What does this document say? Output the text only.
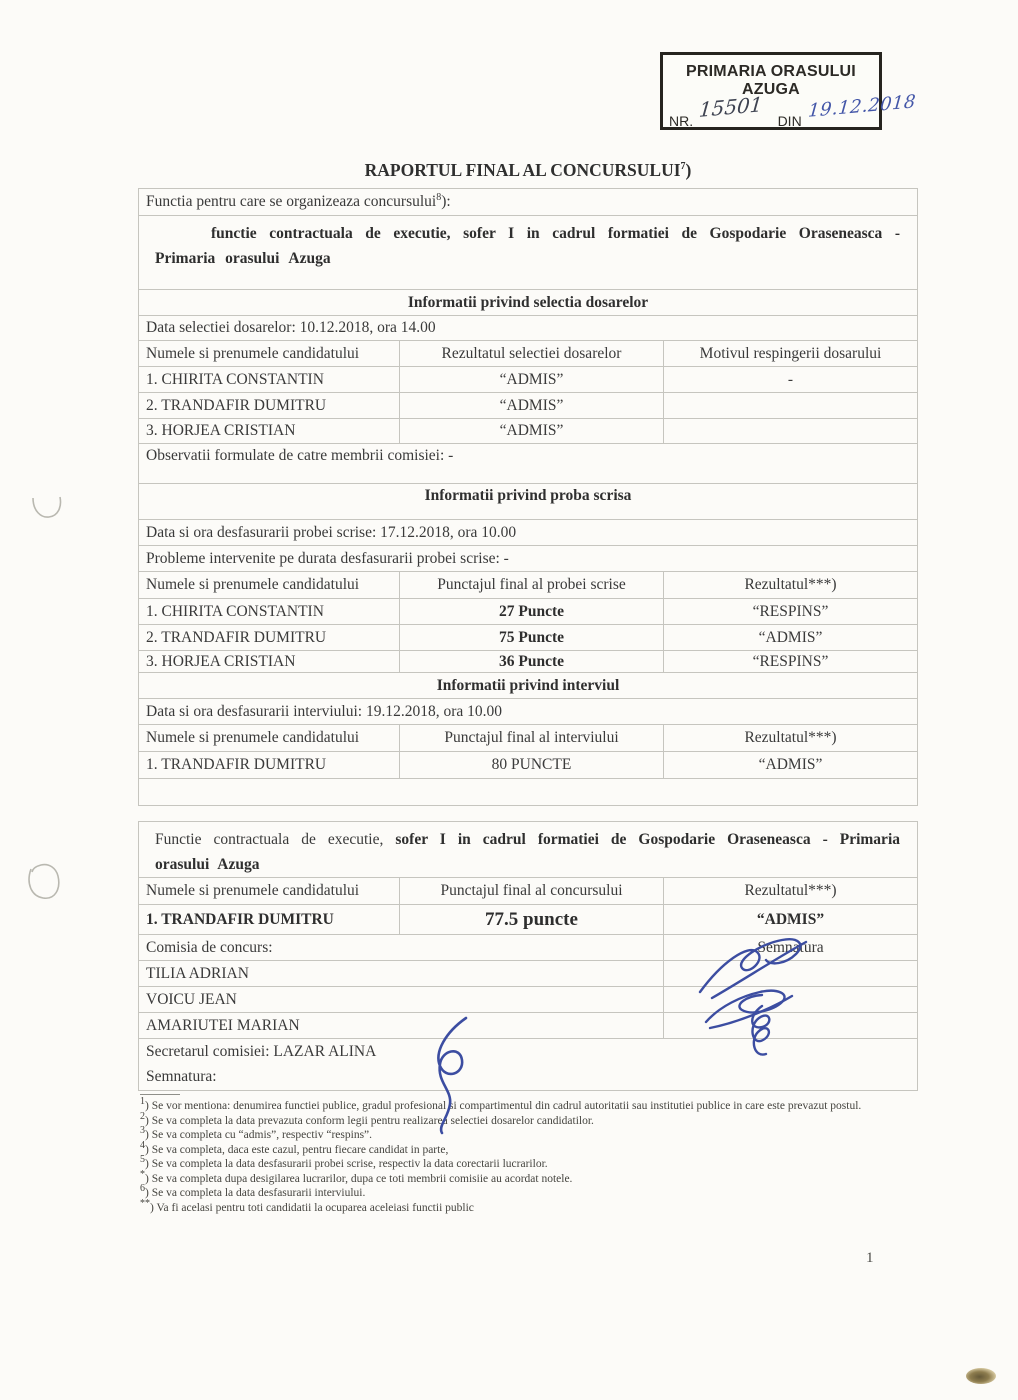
PRIMARIA ORASULUI AZUGA
NR. 15501 DIN 19.12.2018
RAPORTUL FINAL AL CONCURSULUI$^7$)
Functia pentru care se organizeaza concursului$^8$):
functie contractuala de executie, sofer I in cadrul formatiei de Gospodarie Oraseneasca - Primaria orasului Azuga
Informatii privind selectia dosarelor
Data selectiei dosarelor: 10.12.2018, ora 14.00
Numele si prenumele candidatului	Rezultatul selectiei dosarelor	Motivul respingerii dosarului
1. CHIRITA CONSTANTIN	“ADMIS”	-
2. TRANDAFIR DUMITRU	“ADMIS”
3. HORJEA CRISTIAN	“ADMIS”
Observatii formulate de catre membrii comisiei: -
Informatii privind proba scrisa
Data si ora desfasurarii probei scrise: 17.12.2018, ora 10.00
Probleme intervenite pe durata desfasurarii probei scrise: -
Numele si prenumele candidatului	Punctajul final al probei scrise	Rezultatul***)
1. CHIRITA CONSTANTIN	27 Puncte	“RESPINS”
2. TRANDAFIR DUMITRU	75 Puncte	“ADMIS”
3. HORJEA CRISTIAN	36 Puncte	“RESPINS”
Informatii privind interviul
Data si ora desfasurarii interviului: 19.12.2018, ora 10.00
Numele si prenumele candidatului	Punctajul final al interviului	Rezultatul***)
1. TRANDAFIR DUMITRU	80 PUNCTE	“ADMIS”
Functie contractuala de executie, sofer I in cadrul formatiei de Gospodarie Oraseneasca - Primaria orasului Azuga
Numele si prenumele candidatului	Punctajul final al concursului	Rezultatul***)
1. TRANDAFIR DUMITRU	77.5 puncte	“ADMIS”
Comisia de concurs:	Semnatura
TILIA ADRIAN
VOICU JEAN
AMARIUTEI MARIAN
Secretarul comisiei: LAZAR ALINA
Semnatura:

$^1$) Se vor mentiona: denumirea functiei publice, gradul profesional si compartimentul din cadrul autoritatii sau institutiei publice in care este prevazut postul.

$^2$) Se va completa la data prevazuta conform legii pentru realizarea selectiei dosarelor candidatilor.

$^3$) Se va completa cu “admis”, respectiv “respins”.

$^4$) Se va completa, daca este cazul, pentru fiecare candidat in parte,

$^5$) Se va completa la data desfasurarii probei scrise, respectiv la data corectarii lucrarilor.

*) Se va completa dupa desigilarea lucrarilor, dupa ce toti membrii comisiie au acordat notele.

$^6$) Se va completa la data desfasurarii interviului.

**) Va fi acelasi pentru toti candidatii la ocuparea aceleiasi functii public

1
